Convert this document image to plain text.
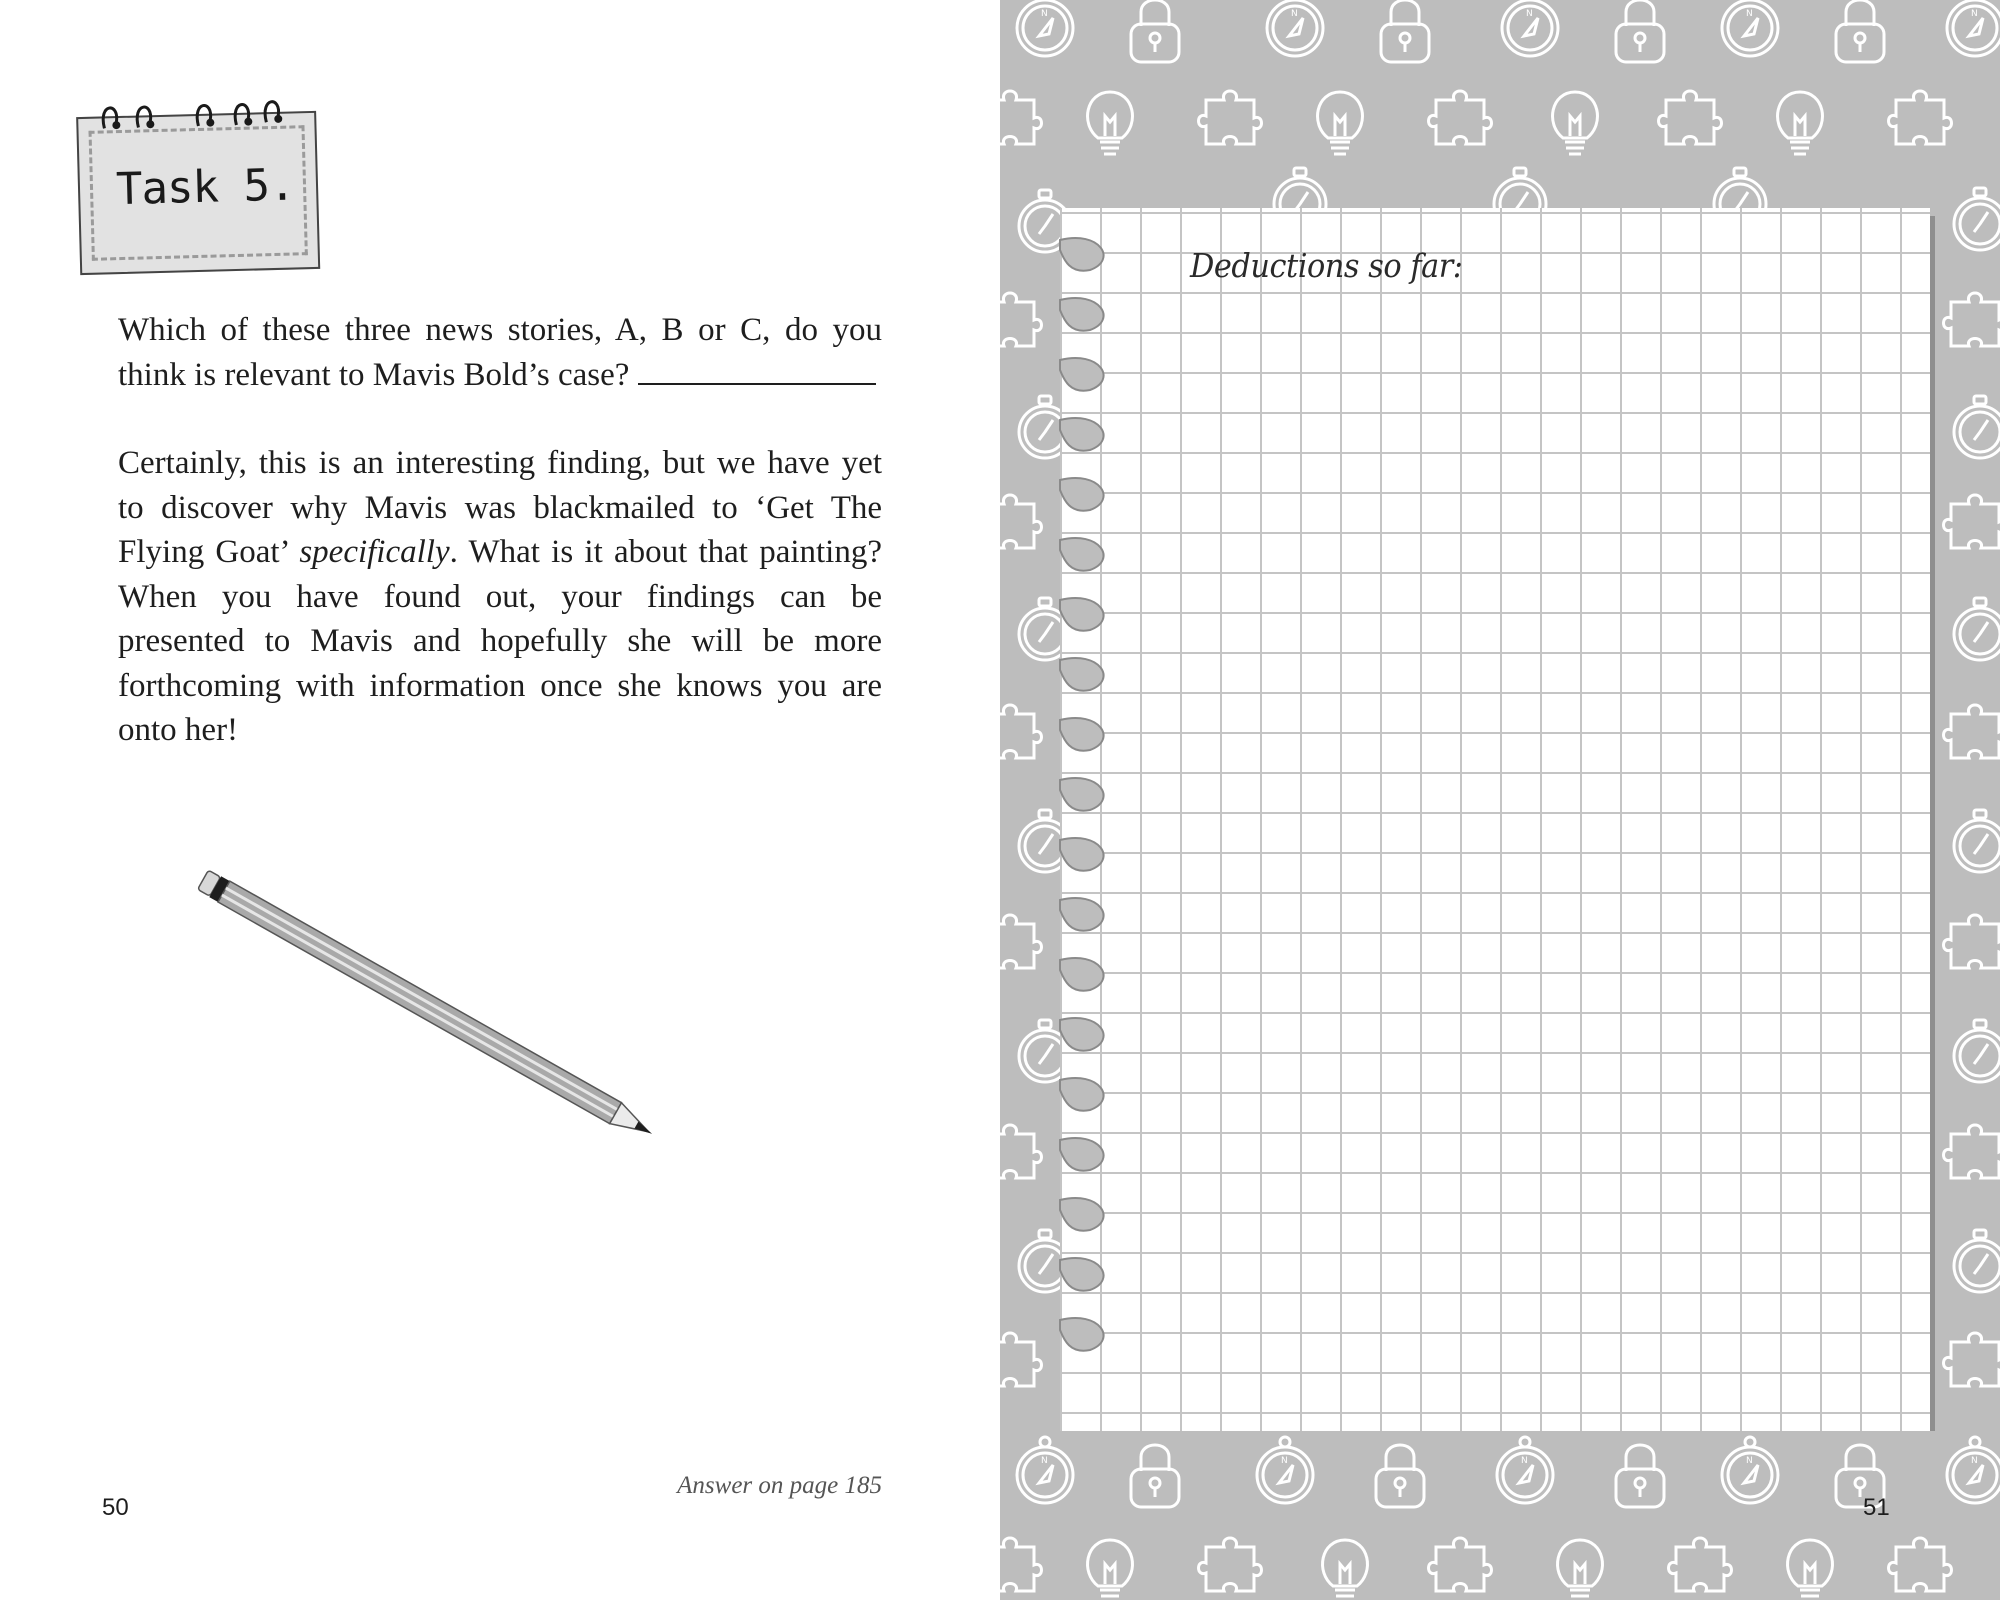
Task 5.
Which of these three news stories, A, B or C, do you think is relevant to Mavis Bold’s case?
Certainly, this is an interesting finding, but we have yet to discover why Mavis was blackmailed to ‘Get The Flying Goat’ specifically. What is it about that painting? When you have found out, your findings can be presented to Mavis and hopefully she will be more forthcoming with information once she knows you are onto her!
Answer on page 185
50	51
Deductions so far:
